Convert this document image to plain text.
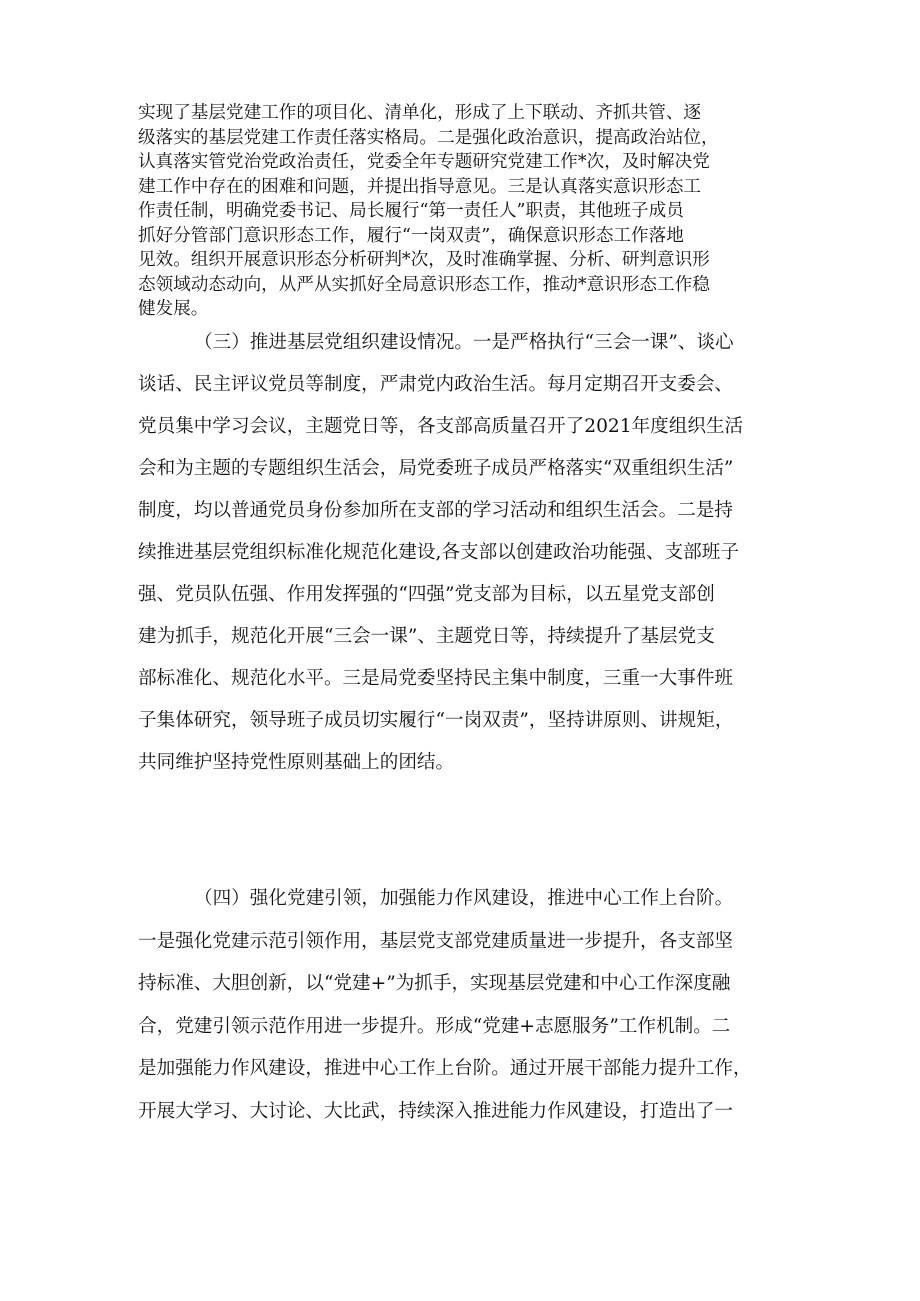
实现了基层党建工作的项目化、清单化，形成了上下联动、齐抓共管、逐
级落实的基层党建工作责任落实格局。二是强化政治意识，提高政治站位，
认真落实管党治党政治责任，党委全年专题研究党建工作*次，及时解决党
建工作中存在的困难和问题，并提出指导意见。三是认真落实意识形态工
作责任制，明确党委书记、局长履行“第一责任人”职责，其他班子成员
抓好分管部门意识形态工作，履行“一岗双责”，确保意识形态工作落地
见效。组织开展意识形态分析研判*次，及时准确掌握、分析、研判意识形
态领域动态动向，从严从实抓好全局意识形态工作，推动*意识形态工作稳
健发展。
（三）推进基层党组织建设情况。一是严格执行“三会一课”、谈心
谈话、民主评议党员等制度，严肃党内政治生活。每月定期召开支委会、
党员集中学习会议，主题党日等，各支部高质量召开了2021年度组织生活
会和为主题的专题组织生活会，局党委班子成员严格落实“双重组织生活”
制度，均以普通党员身份参加所在支部的学习活动和组织生活会。二是持
续推进基层党组织标准化规范化建设,各支部以创建政治功能强、支部班子
强、党员队伍强、作用发挥强的“四强”党支部为目标，以五星党支部创
建为抓手，规范化开展“三会一课”、主题党日等，持续提升了基层党支
部标准化、规范化水平。三是局党委坚持民主集中制度，三重一大事件班
子集体研究，领导班子成员切实履行“一岗双责”，坚持讲原则、讲规矩，
共同维护坚持党性原则基础上的团结。
（四）强化党建引领，加强能力作风建设，推进中心工作上台阶。
一是强化党建示范引领作用，基层党支部党建质量进一步提升，各支部坚
持标准、大胆创新，以“党建+”为抓手，实现基层党建和中心工作深度融
合，党建引领示范作用进一步提升。形成“党建+志愿服务”工作机制。二
是加强能力作风建设，推进中心工作上台阶。通过开展干部能力提升工作，
开展大学习、大讨论、大比武，持续深入推进能力作风建设，打造出了一
